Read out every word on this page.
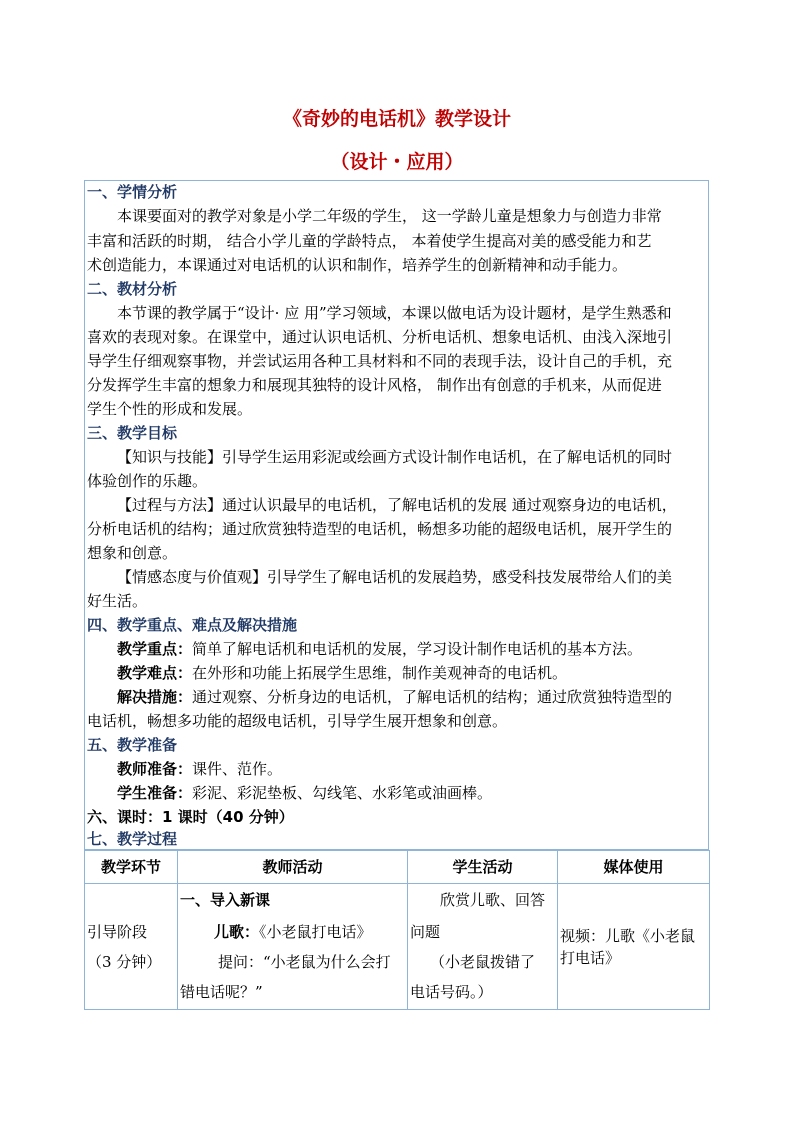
《奇妙的电话机》教学设计
（设计・应用）
一、学情分析
本课要面对的教学对象是小学二年级的学生， 这一学龄儿童是想象力与创造力非常
丰富和活跃的时期， 结合小学儿童的学龄特点， 本着使学生提高对美的感受能力和艺
术创造能力，本课通过对电话机的认识和制作，培养学生的创新精神和动手能力。
二、教材分析
本节课的教学属于“设计· 应 用”学习领域，本课以做电话为设计题材，是学生熟悉和
喜欢的表现对象。在课堂中，通过认识电话机、分析电话机、想象电话机、由浅入深地引
导学生仔细观察事物，并尝试运用各种工具材料和不同的表现手法，设计自己的手机，充
分发挥学生丰富的想象力和展现其独特的设计风格， 制作出有创意的手机来，从而促进
学生个性的形成和发展。
三、教学目标
【知识与技能】引导学生运用彩泥或绘画方式设计制作电话机，在了解电话机的同时
体验创作的乐趣。
【过程与方法】通过认识最早的电话机，了解电话机的发展 通过观察身边的电话机，
分析电话机的结构；通过欣赏独特造型的电话机，畅想多功能的超级电话机，展开学生的
想象和创意。
【情感态度与价值观】引导学生了解电话机的发展趋势，感受科技发展带给人们的美
好生活。
四、教学重点、难点及解决措施
教学重点：简单了解电话机和电话机的发展，学习设计制作电话机的基本方法。
教学难点：在外形和功能上拓展学生思维，制作美观神奇的电话机。
解决措施：通过观察、分析身边的电话机，了解电话机的结构；通过欣赏独特造型的
电话机，畅想多功能的超级电话机，引导学生展开想象和创意。
五、教学准备
教师准备：课件、范作。
学生准备：彩泥、彩泥垫板、勾线笔、水彩笔或油画棒。
六、课时：1 课时（40 分钟）
七、教学过程
教学环节	教师活动	学生活动	媒体使用

引导阶段
（3 分钟）	一、导入新课
儿歌：《小老鼠打电话》
提问：“小老鼠为什么会打
错电话呢？”	欣赏儿歌、回答
问题
（小老鼠拨错了
电话号码。）	视频：儿歌《小老鼠
打电话》
